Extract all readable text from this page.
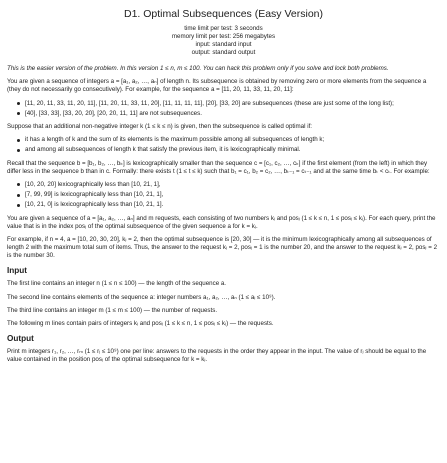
D1. Optimal Subsequences (Easy Version)
time limit per test: 3 seconds
memory limit per test: 256 megabytes
input: standard input
output: standard output

This is the easier version of the problem. In this version 1 ≤ n, m ≤ 100. You can hack this problem only if you solve and lock both problems.

You are given a sequence of integers a = [a₁, a₂, …, aₙ] of length n. Its subsequence is obtained by removing zero or more elements from the sequence a (they do not necessarily go consecutively). For example, for the sequence a = [11, 20, 11, 33, 11, 20, 11]:

[11, 20, 11, 33, 11, 20, 11], [11, 20, 11, 33, 11, 20], [11, 11, 11, 11], [20], [33, 20] are subsequences (these are just some of the long list);
[40], [33, 33], [33, 20, 20], [20, 20, 11, 11] are not subsequences.

Suppose that an additional non-negative integer k (1 ≤ k ≤ n) is given, then the subsequence is called optimal if:

it has a length of k and the sum of its elements is the maximum possible among all subsequences of length k;
and among all subsequences of length k that satisfy the previous item, it is lexicographically minimal.

Recall that the sequence b = [b₁, b₂, …, bₖ] is lexicographically smaller than the sequence c = [c₁, c₂, …, cₖ] if the first element (from the left) in which they differ less in the sequence b than in c. Formally: there exists t (1 ≤ t ≤ k) such that b₁ = c₁, b₂ = c₂, …, bₜ₋₁ = cₜ₋₁ and at the same time bₜ < cₜ. For example:

[10, 20, 20] lexicographically less than [10, 21, 1],
[7, 99, 99] is lexicographically less than [10, 21, 1],
[10, 21, 0] is lexicographically less than [10, 21, 1].

You are given a sequence of a = [a₁, a₂, …, aₙ] and m requests, each consisting of two numbers kⱼ and posⱼ (1 ≤ k ≤ n, 1 ≤ posⱼ ≤ kⱼ). For each query, print the value that is in the index posⱼ of the optimal subsequence of the given sequence a for k = kⱼ.

For example, if n = 4, a = [10, 20, 30, 20], kⱼ = 2, then the optimal subsequence is [20, 30] — it is the minimum lexicographically among all subsequences of length 2 with the maximum total sum of items. Thus, the answer to the request kⱼ = 2, posⱼ = 1 is the number 20, and the answer to the request kⱼ = 2, posⱼ = 2 is the number 30.

Input

The first line contains an integer n (1 ≤ n ≤ 100) — the length of the sequence a.

The second line contains elements of the sequence a: integer numbers a₁, a₂, …, aₙ (1 ≤ aᵢ ≤ 10⁹).

The third line contains an integer m (1 ≤ m ≤ 100) — the number of requests.

The following m lines contain pairs of integers kⱼ and posⱼ (1 ≤ k ≤ n, 1 ≤ posⱼ ≤ kⱼ) — the requests.

Output

Print m integers r₁, r₂, …, rₘ (1 ≤ rⱼ ≤ 10⁹) one per line: answers to the requests in the order they appear in the input. The value of rⱼ should be equal to the value contained in the position posⱼ of the optimal subsequence for k = kⱼ.
